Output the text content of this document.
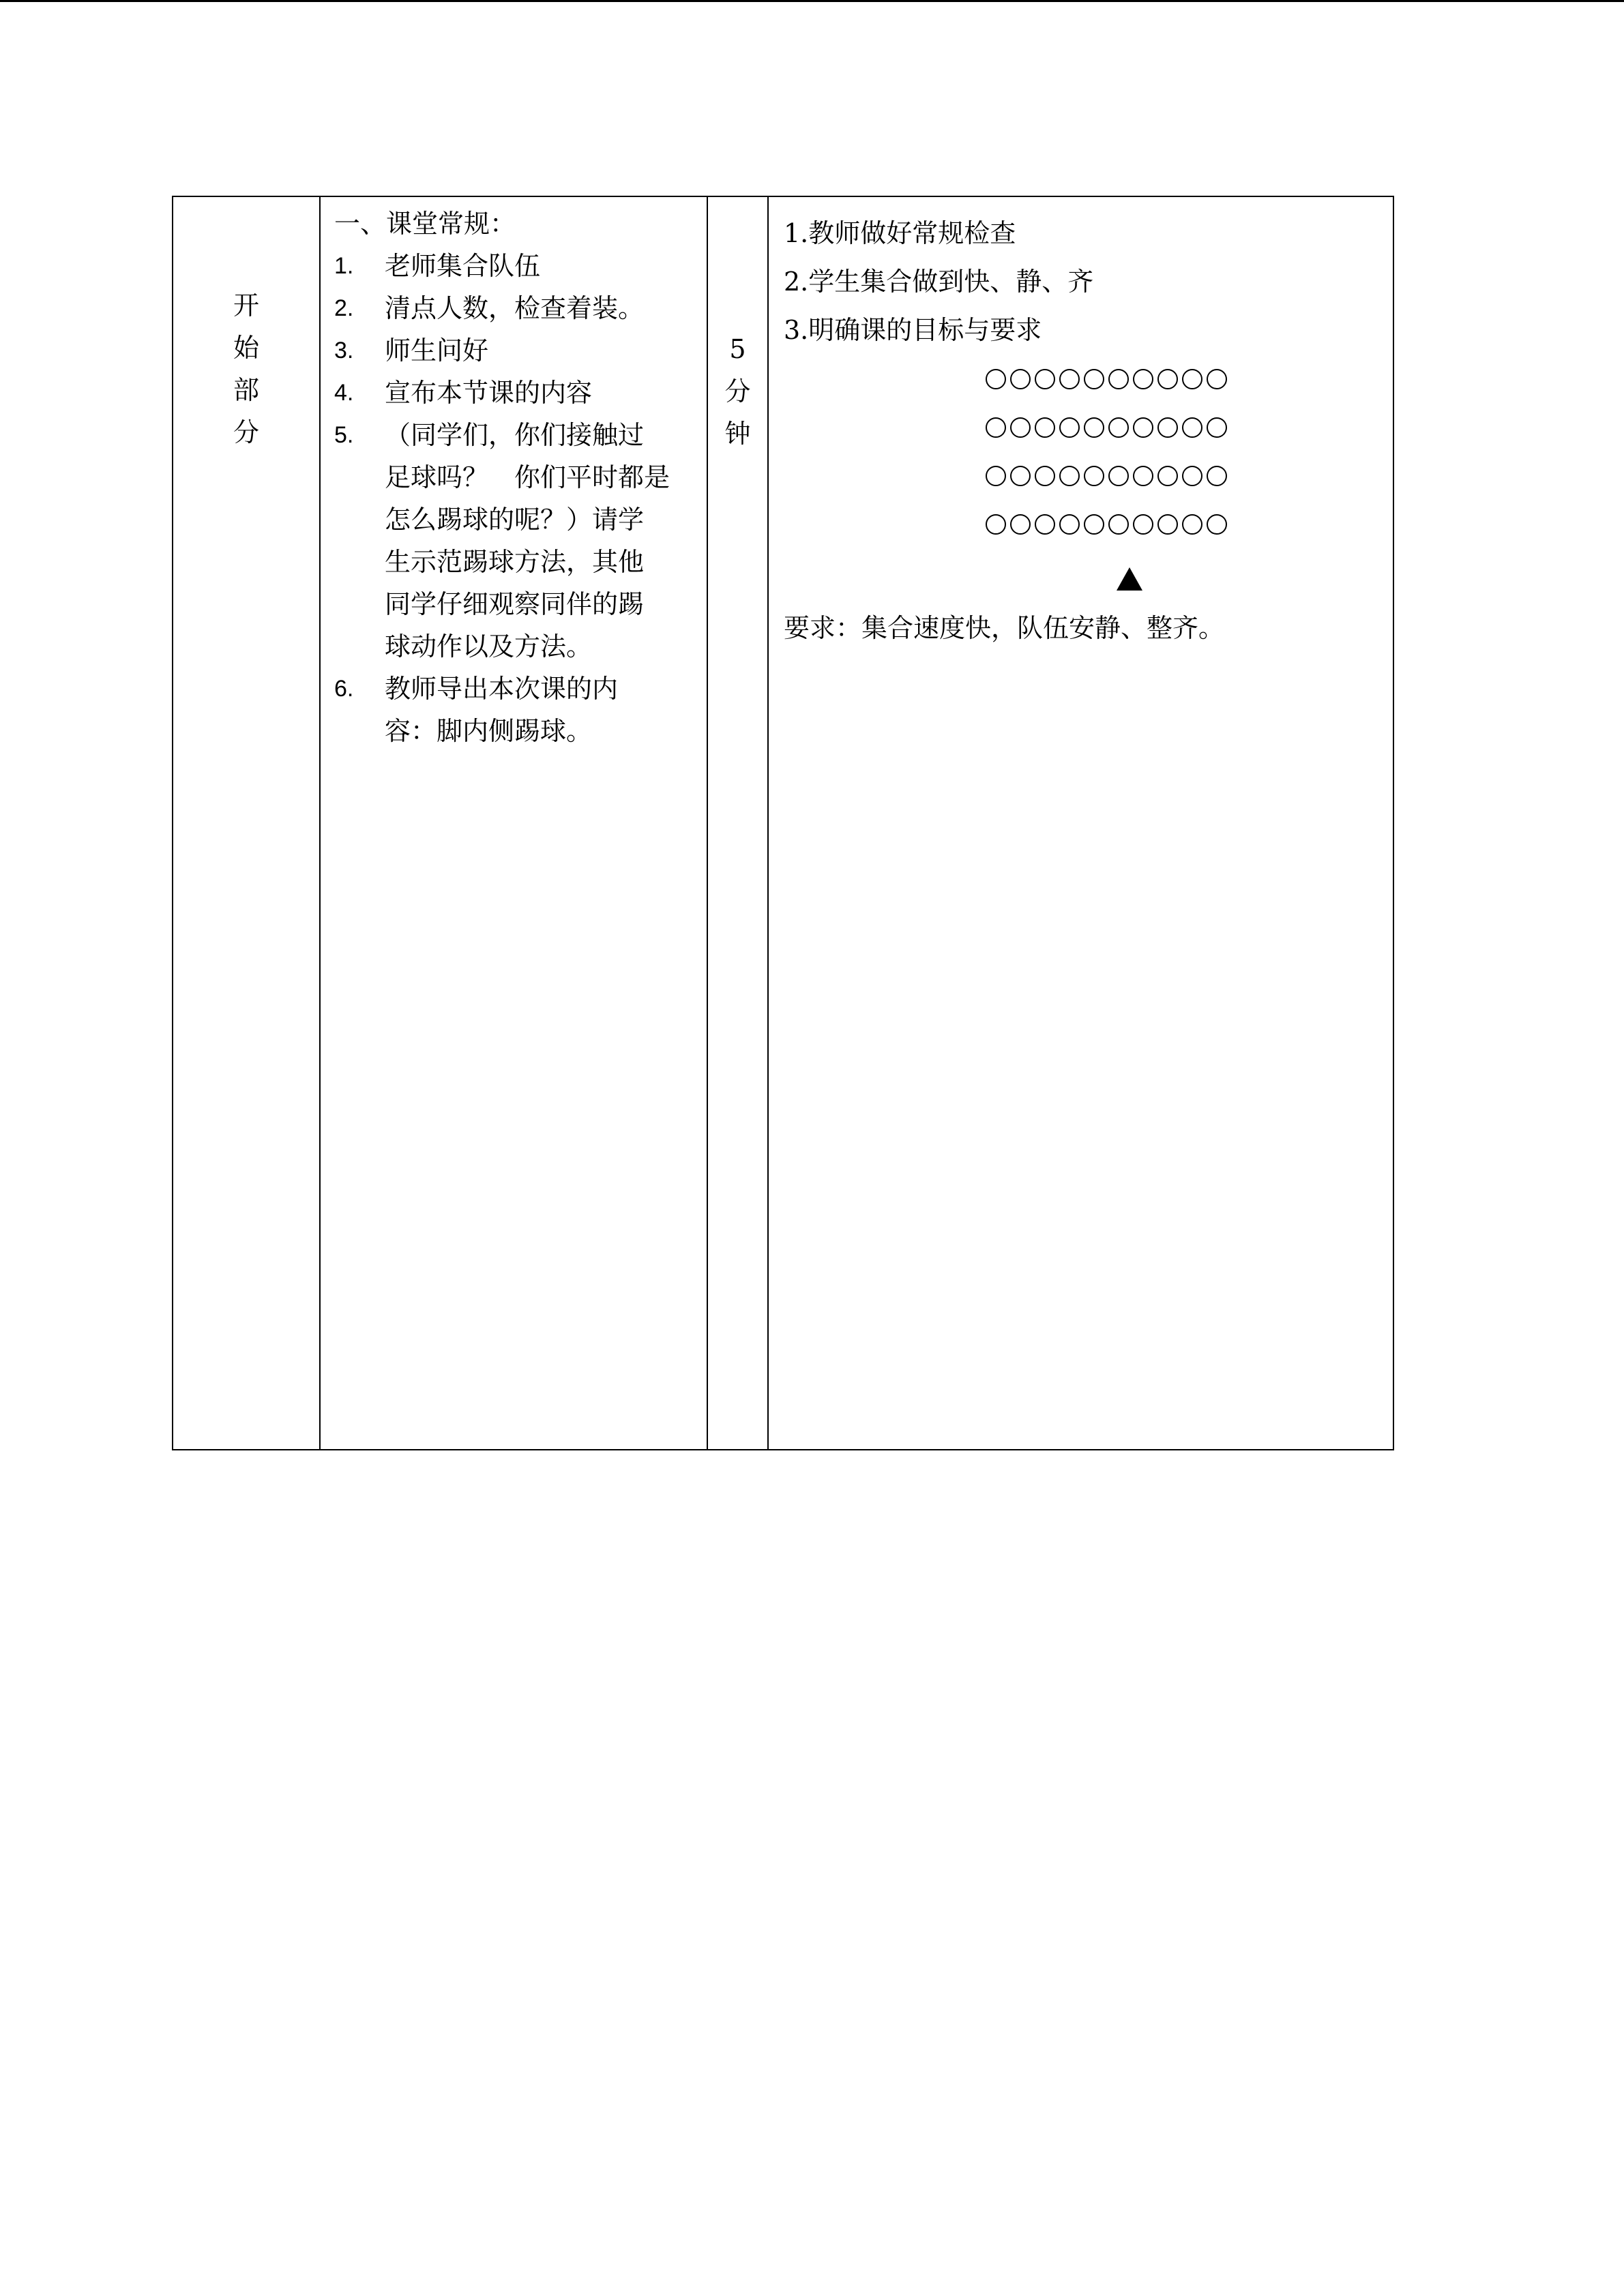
开
始
部
分

一、课堂常规：
1. 老师集合队伍
2. 清点人数，检查着装。
3. 师生问好
4. 宣布本节课的内容
5. （同学们，你们接触过
足球吗？　你们平时都是
怎么踢球的呢？）请学
生示范踢球方法，其他
同学仔细观察同伴的踢
球动作以及方法。
6. 教师导出本次课的内
容：脚内侧踢球。

5
分
钟

1.教师做好常规检查
2.学生集合做到快、静、齐
3.明确课的目标与要求
要求：集合速度快，队伍安静、整齐。
